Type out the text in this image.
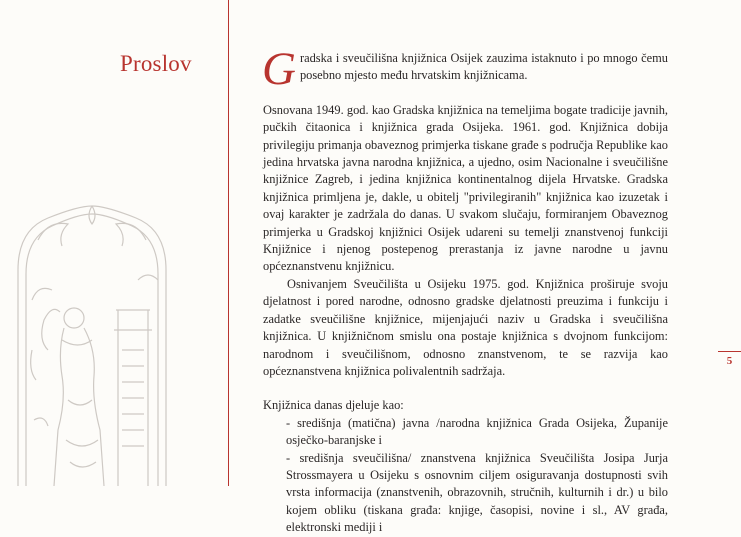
Proslov Gradska i sveučilišna knjižnica Osijek zauzima istaknuto i po mnogo čemu posebno mjesto među hrvatskim knjižnicama.

Osnovana 1949. god. kao Gradska knjižnica na temeljima bogate tradicije javnih, pučkih čitaonica i knjižnica grada Osijeka. 1961. god. Knjižnica dobija privilegiju primanja obaveznog primjerka tiskane građe s područja Republike kao jedina hrvatska javna narodna knjižnica, a ujedno, osim Nacionalne i sveučilišne knjižnice Zagreb, i jedina knjižnica kontinentalnog dijela Hrvatske. Gradska knjižnica primljena je, dakle, u obitelj "privilegiranih" knjižnica kao izuzetak i ovaj karakter je zadržala do danas. U svakom slučaju, formiranjem Obaveznog primjerka u Gradskoj knjižnici Osijek udareni su temelji znanstvenoj funkciji Knjižnice i njenog postepenog prerastanja iz javne narodne u javnu općeznanstvenu knjižnicu.

Osnivanjem Sveučilišta u Osijeku 1975. god. Knjižnica proširuje svoju djelatnost i pored narodne, odnosno gradske djelatnosti preuzima i funkciju i zadatke sveučilišne knjižnice, mijenjajući naziv u Gradska i sveučilišna knjižnica. U knjižničnom smislu ona postaje knjižnica s dvojnom funkcijom: narodnom i sveučilišnom, odnosno znanstvenom, te se razvija kao općeznanstvena knjižnica polivalentnih sadržaja.

Knjižnica danas djeluje kao:

- središnja (matična) javna /narodna knjižnica Grada Osijeka, Županije osječko-baranjske i

- središnja sveučilišna/ znanstvena knjižnica Sveučilišta Josipa Jurja Strossmayera u Osijeku s osnovnim ciljem osiguravanja dostupnosti svih vrsta informacija (znanstvenih, obrazovnih, stručnih, kulturnih i dr.) u bilo kojem obliku (tiskana građa: knjige, časopisi, novine i sl., AV građa, elektronski mediji i

5
